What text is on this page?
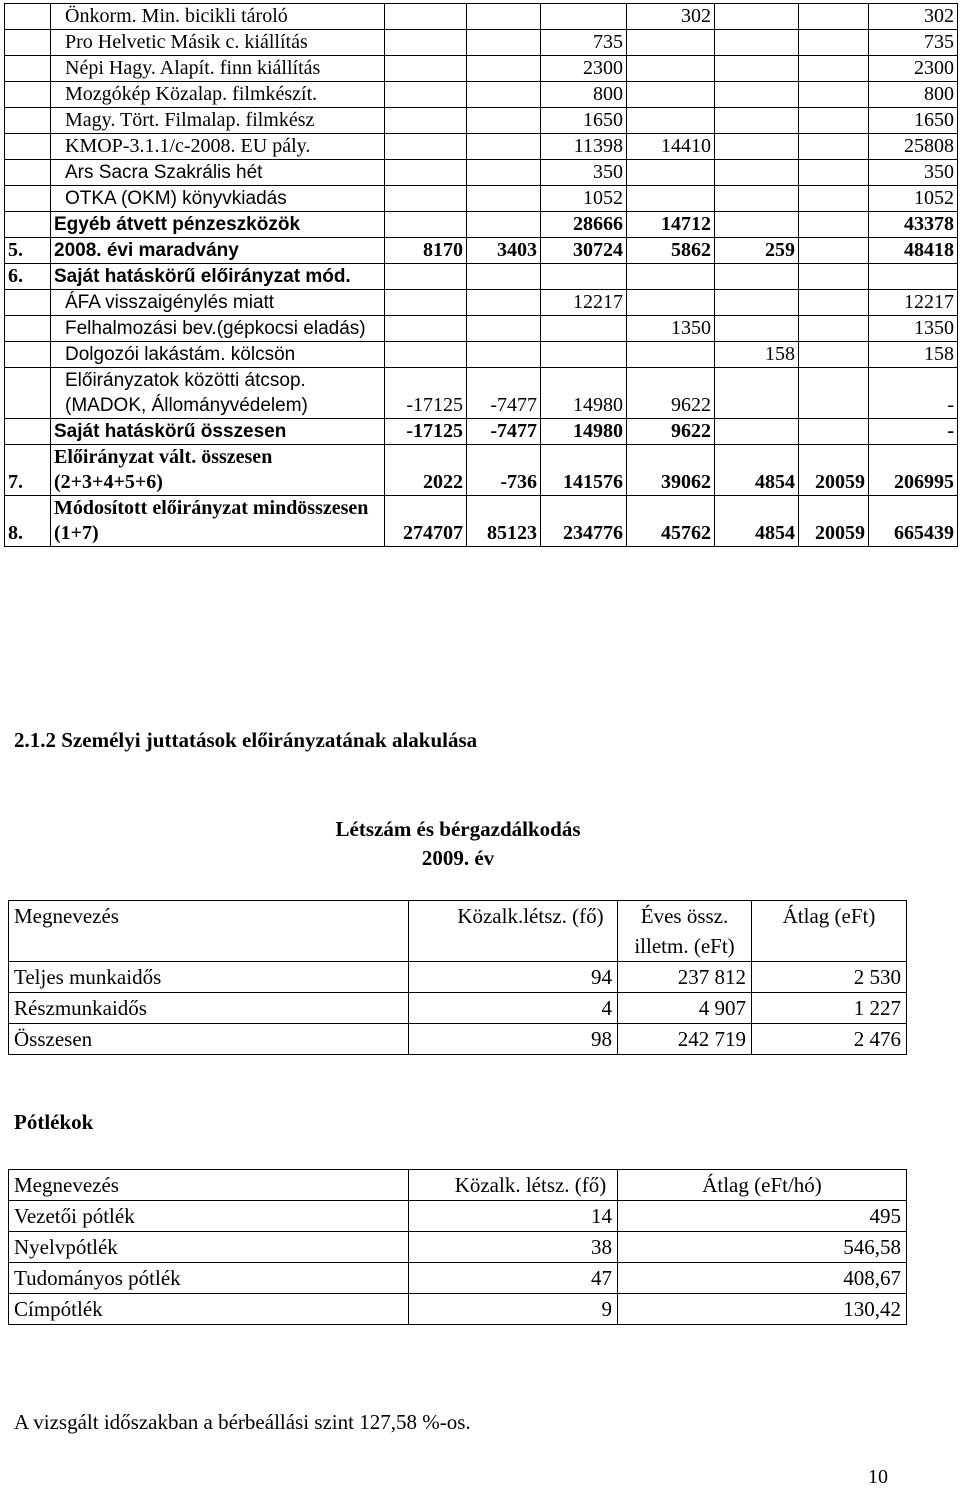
	Önkorm. Min. bicikli tároló				302			302
	Pro Helvetic Másik c. kiállítás			735				735
	Népi Hagy. Alapít. finn kiállítás			2300				2300
	Mozgókép Közalap. filmkészít.			800				800
	Magy. Tört. Filmalap. filmkész			1650				1650
	KMOP-3.1.1/c-2008. EU pály.			11398	14410			25808
	Ars Sacra Szakrális hét			350				350
	OTKA (OKM) könyvkiadás			1052				1052
	Egyéb átvett pénzeszközök			28666	14712			43378
5.	2008. évi maradvány	8170	3403	30724	5862	259		48418
6.	Saját hatáskörű előirányzat mód.							
	ÁFA visszaigénylés miatt			12217				12217
	Felhalmozási bev.(gépkocsi eladás)				1350			1350
	Dolgozói lakástám. kölcsön					158		158
	Előirányzatok közötti átcsop. (MADOK, Állományvédelem)	-17125	-7477	14980	9622			-
	Saját hatáskörű összesen	-17125	-7477	14980	9622			-
7.	Előirányzat vált. összesen (2+3+4+5+6)	2022	-736	141576	39062	4854	20059	206995
8.	Módosított előirányzat mindösszesen (1+7)	274707	85123	234776	45762	4854	20059	665439
2.1.2 Személyi juttatások előirányzatának alakulása
Létszám és bérgazdálkodás
2009. év
Megnevezés	Közalk.létsz. (fő)	Éves össz. illetm. (eFt)	Átlag (eFt)
Teljes munkaidős	94	237 812	2 530
Részmunkaidős	4	4 907	1 227
Összesen	98	242 719	2 476
Pótlékok
Megnevezés	Közalk. létsz. (fő)	Átlag (eFt/hó)
Vezetői pótlék	14	495
Nyelvpótlék	38	546,58
Tudományos pótlék	47	408,67
Címpótlék	9	130,42
A vizsgált időszakban a bérbeállási szint 127,58 %-os.
10
